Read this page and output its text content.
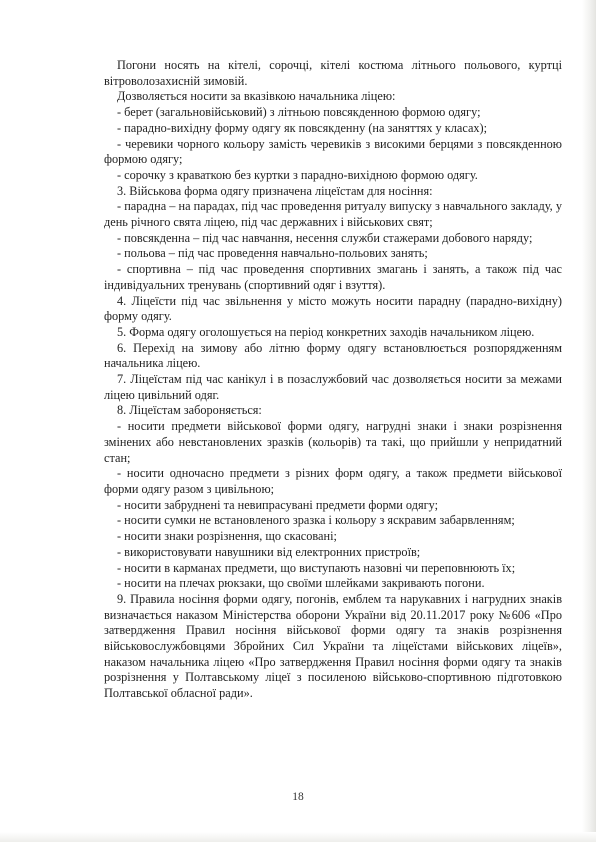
Погони носять на кітелі, сорочці, кітелі костюма літнього польового, куртці вітроволозахисній зимовій.

Дозволяється носити за вказівкою начальника ліцею:

- берет (загальновійськовий) з літньою повсякденною формою одягу;

- парадно-вихідну форму одягу як повсякденну (на заняттях у класах);

- черевики чорного кольору замість черевиків з високими берцями з повсякденною формою одягу;

- сорочку з краваткою без куртки з парадно-вихідною формою одягу.

3. Військова форма одягу призначена ліцеїстам для носіння:

- парадна – на парадах, під час проведення ритуалу випуску з навчального закладу, у день річного свята ліцею, під час державних і військових свят;

- повсякденна – під час навчання, несення служби стажерами добового наряду;

- польова – під час проведення навчально-польових занять;

- спортивна – під час проведення спортивних змагань і занять, а також під час індивідуальних тренувань (спортивний одяг і взуття).

4. Ліцеїсти під час звільнення у місто можуть носити парадну (парадно-вихідну) форму одягу.

5. Форма одягу оголошується на період конкретних заходів начальником ліцею.

6. Перехід на зимову або літню форму одягу встановлюється розпорядженням начальника ліцею.

7. Ліцеїстам під час канікул і в позаслужбовий час дозволяється носити за межами ліцею цивільний одяг.

8. Ліцеїстам забороняється:

- носити предмети військової форми одягу, нагрудні знаки і знаки розрізнення змінених або невстановлених зразків (кольорів) та такі, що прийшли у непридатний стан;

- носити одночасно предмети з різних форм одягу, а також предмети військової форми одягу разом з цивільною;

- носити забруднені та невипрасувані предмети форми одягу;

- носити сумки не встановленого зразка і кольору з яскравим забарвленням;

- носити знаки розрізнення, що скасовані;

- використовувати навушники від електронних пристроїв;

- носити в карманах предмети, що виступають назовні чи переповнюють їх;

- носити на плечах рюкзаки, що своїми шлейками закривають погони.

9. Правила носіння форми одягу, погонів, емблем та нарукавних і нагрудних знаків визначається наказом Міністерства оборони України від 20.11.2017 року №606 «Про затвердження Правил носіння військової форми одягу та знаків розрізнення військовослужбовцями Збройних Сил України та ліцеїстами військових ліцеїв», наказом начальника ліцею «Про затвердження Правил носіння форми одягу та знаків розрізнення у Полтавському ліцеї з посиленою військово-спортивною підготовкою Полтавської обласної ради».

18
